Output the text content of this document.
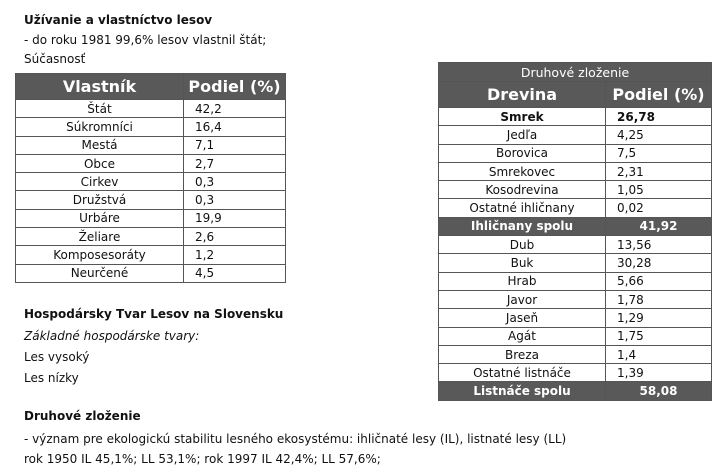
Užívanie a vlastníctvo lesov
- do roku 1981 99,6% lesov vlastnil štát;
Súčasnosť
Vlastník	Podiel (%)
Štát	42,2
Súkromníci	16,4
Mestá	7,1
Obce	2,7
Cirkev	0,3
Družstvá	0,3
Urbáre	19,9
Želiare	2,6
Komposesoráty	1,2
Neurčené	4,5
Hospodársky Tvar Lesov na Slovensku
Základné hospodárske tvary:
Les vysoký
Les nízky
Druhové zloženie
- význam pre ekologickú stabilitu lesného ekosystému: ihličnaté lesy (IL), listnaté lesy (LL)
rok 1950 IL 45,1%; LL 53,1%; rok 1997 IL 42,4%; LL 57,6%;
Druhové zloženie	
Drevina	Podiel (%)
Smrek	26,78
Jedľa	4,25
Borovica	7,5
Smrekovec	2,31
Kosodrevina	1,05
Ostatné ihličnany	0,02
Ihličnany spolu	41,92
Dub	13,56
Buk	30,28
Hrab	5,66
Javor	1,78
Jaseň	1,29
Agát	1,75
Breza	1,4
Ostatné listnáče	1,39
Listnáče spolu	58,08
